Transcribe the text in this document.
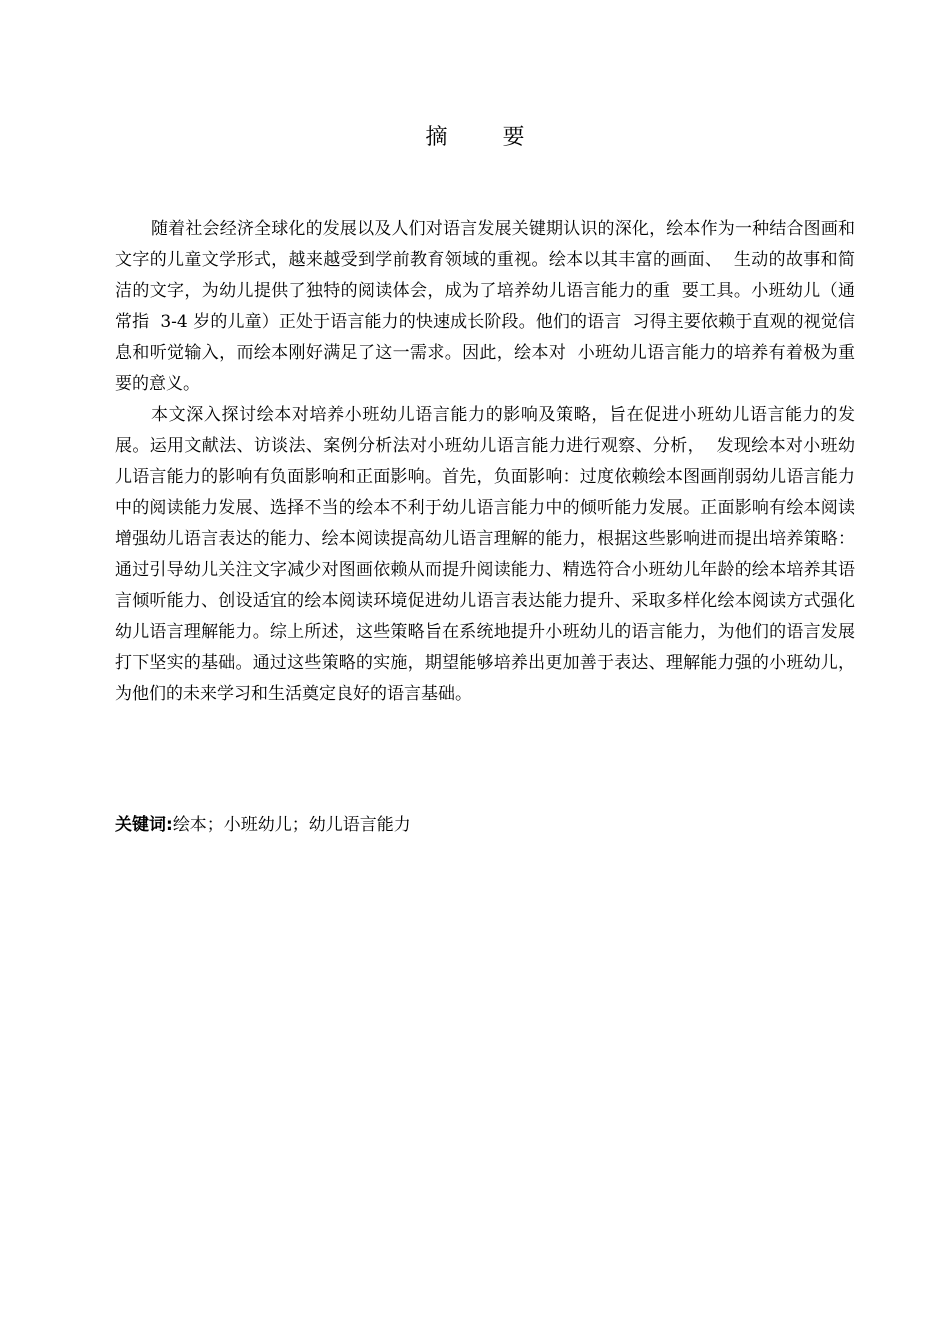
摘 要

随着社会经济全球化的发展以及人们对语言发展关键期认识的深化，绘本作为一种结合图画和文字的儿童文学形式，越来越受到学前教育领域的重视。绘本以其丰富的画面、  生动的故事和简洁的文字，为幼儿提供了独特的阅读体会，成为了培养幼儿语言能力的重  要工具。小班幼儿（通常指  3-4 岁的儿童）正处于语言能力的快速成长阶段。他们的语言  习得主要依赖于直观的视觉信息和听觉输入，而绘本刚好满足了这一需求。因此，绘本对  小班幼儿语言能力的培养有着极为重要的意义。

本文深入探讨绘本对培养小班幼儿语言能力的影响及策略，旨在促进小班幼儿语言能力的发展。运用文献法、访谈法、案例分析法对小班幼儿语言能力进行观察、分析，  发现绘本对小班幼儿语言能力的影响有负面影响和正面影响。首先，负面影响：过度依赖绘本图画削弱幼儿语言能力中的阅读能力发展、选择不当的绘本不利于幼儿语言能力中的倾听能力发展。正面影响有绘本阅读增强幼儿语言表达的能力、绘本阅读提高幼儿语言理解的能力，根据这些影响进而提出培养策略：通过引导幼儿关注文字减少对图画依赖从而提升阅读能力、精选符合小班幼儿年龄的绘本培养其语言倾听能力、创设适宜的绘本阅读环境促进幼儿语言表达能力提升、采取多样化绘本阅读方式强化幼儿语言理解能力。综上所述，这些策略旨在系统地提升小班幼儿的语言能力，为他们的语言发展打下坚实的基础。通过这些策略的实施，期望能够培养出更加善于表达、理解能力强的小班幼儿，为他们的未来学习和生活奠定良好的语言基础。

关键词:绘本；小班幼儿；幼儿语言能力
